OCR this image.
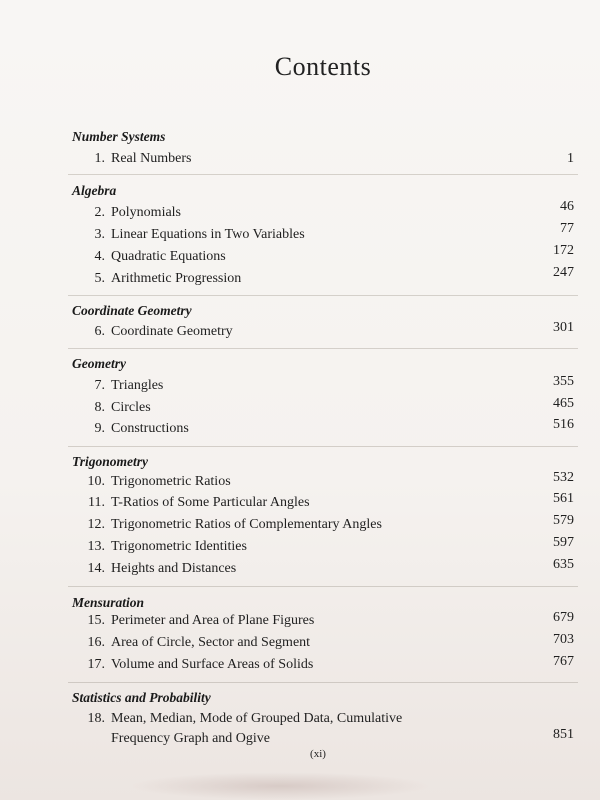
Contents
Number Systems
1. Real Numbers	1
Algebra
2. Polynomials	46
3. Linear Equations in Two Variables	77
4. Quadratic Equations	172
5. Arithmetic Progression	247
Coordinate Geometry
6. Coordinate Geometry	301
Geometry
7. Triangles	355
8. Circles	465
9. Constructions	516
Trigonometry
10. Trigonometric Ratios	532
11. T-Ratios of Some Particular Angles	561
12. Trigonometric Ratios of Complementary Angles	579
13. Trigonometric Identities	597
14. Heights and Distances	635
Mensuration
15. Perimeter and Area of Plane Figures	679
16. Area of Circle, Sector and Segment	703
17. Volume and Surface Areas of Solids	767
Statistics and Probability
18. Mean, Median, Mode of Grouped Data, Cumulative
Frequency Graph and Ogive	851
(xi)
